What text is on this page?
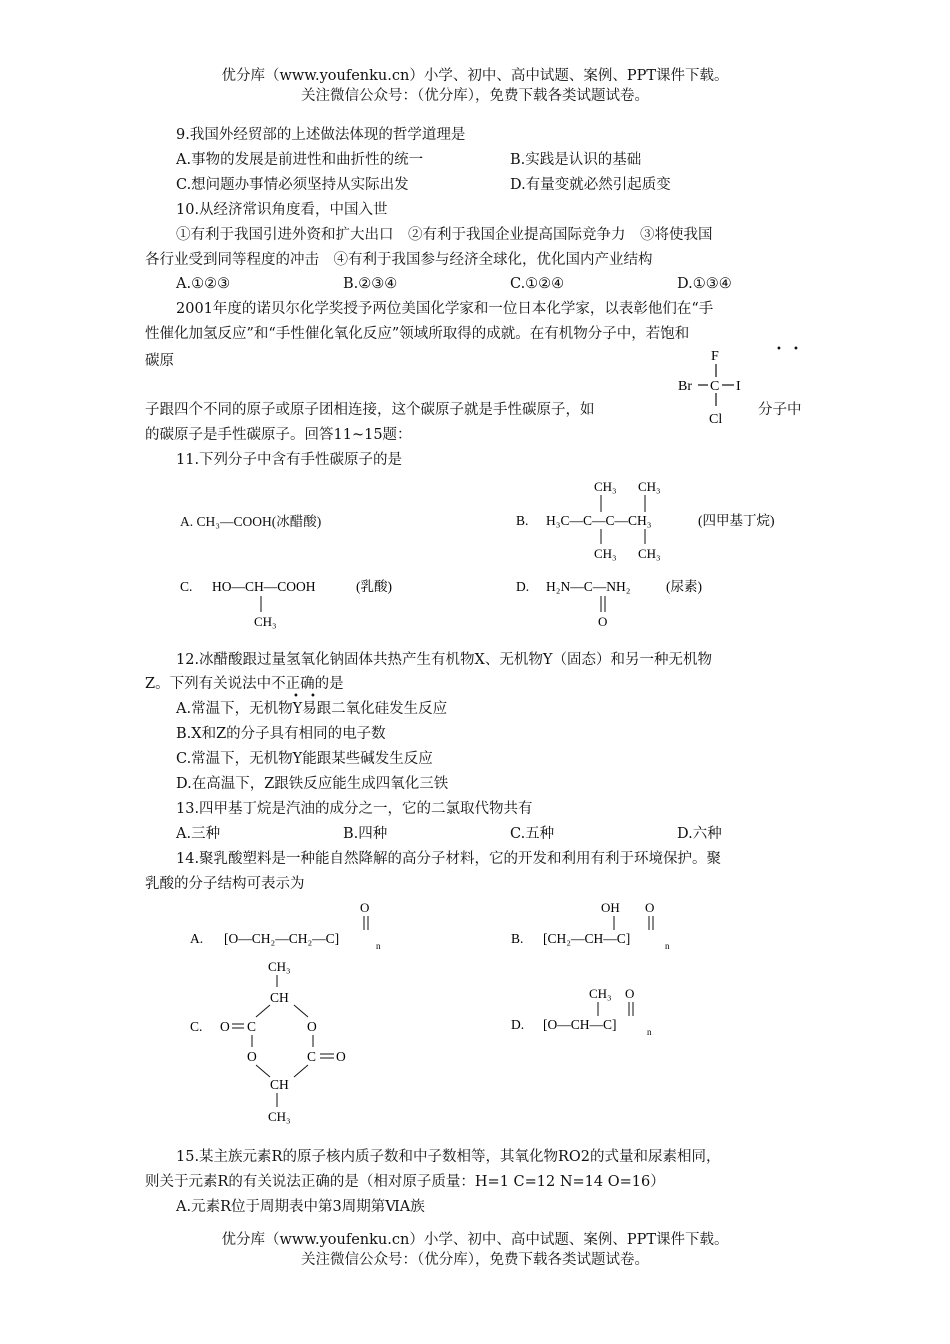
优分库（www.youfenku.cn）小学、初中、高中试题、案例、PPT课件下载。
关注微信公众号：（优分库），免费下载各类试题试卷。
9.我国外经贸部的上述做法体现的哲学道理是
A.事物的发展是前进性和曲折性的统一	B.实践是认识的基础
C.想问题办事情必须坚持从实际出发	D.有量变就必然引起质变
10.从经济常识角度看，中国入世
①有利于我国引进外资和扩大出口　②有利于我国企业提高国际竞争力　③将使我国
各行业受到同等程度的冲击　④有利于我国参与经济全球化，优化国内产业结构
A.①②③	B.②③④	C.①②④	D.①③④
2001年度的诺贝尔化学奖授予两位美国化学家和一位日本化学家，以表彰他们在“手
性催化加氢反应”和“手性催化氧化反应”领域所取得的成就。在有机物分子中，若饱和
• •
碳原	F
Br C I
Cl
子跟四个不同的原子或原子团相连接，这个碳原子就是手性碳原子，如	分子中
的碳原子是手性碳原子。回答11~15题：
11.下列分子中含有手性碳原子的是
A. CH₃—COOH(冰醋酸)	B.
CH₃ CH₃
H₃C—C—C—CH₃	(四甲基丁烷)
CH₃ CH₃
C. HO—CH—COOH	(乳酸)
CH₃
D. H₂N—C—NH₂	(尿素)
O
12.冰醋酸跟过量氢氧化钠固体共热产生有机物X、无机物Y（固态）和另一种无机物
Z。下列有关说法中不正确的是
• •
A.常温下，无机物Y易跟二氧化硅发生反应
B.X和Z的分子具有相同的电子数
C.常温下，无机物Y能跟某些碱发生反应
D.在高温下，Z跟铁反应能生成四氧化三铁
13.四甲基丁烷是汽油的成分之一，它的二氯取代物共有
A.三种	B.四种	C.五种	D.六种
14.聚乳酸塑料是一种能自然降解的高分子材料，它的开发和利用有利于环境保护。聚
乳酸的分子结构可表示为
O
A. [O—CH₂—CH₂—C]	n
OH O
B. [CH₂—CH—C]	n
CH₃
CH
C. O C	O
O	C O
CH
CH₃
CH₃ O
D. [O—CH—C]	n
15.某主族元素R的原子核内质子数和中子数相等，其氧化物RO2的式量和尿素相同，
则关于元素R的有关说法正确的是（相对原子质量：H=1 C=12 N=14 O=16）
A.元素R位于周期表中第3周期第ⅥA族
优分库（www.youfenku.cn）小学、初中、高中试题、案例、PPT课件下载。
关注微信公众号：（优分库），免费下载各类试题试卷。
